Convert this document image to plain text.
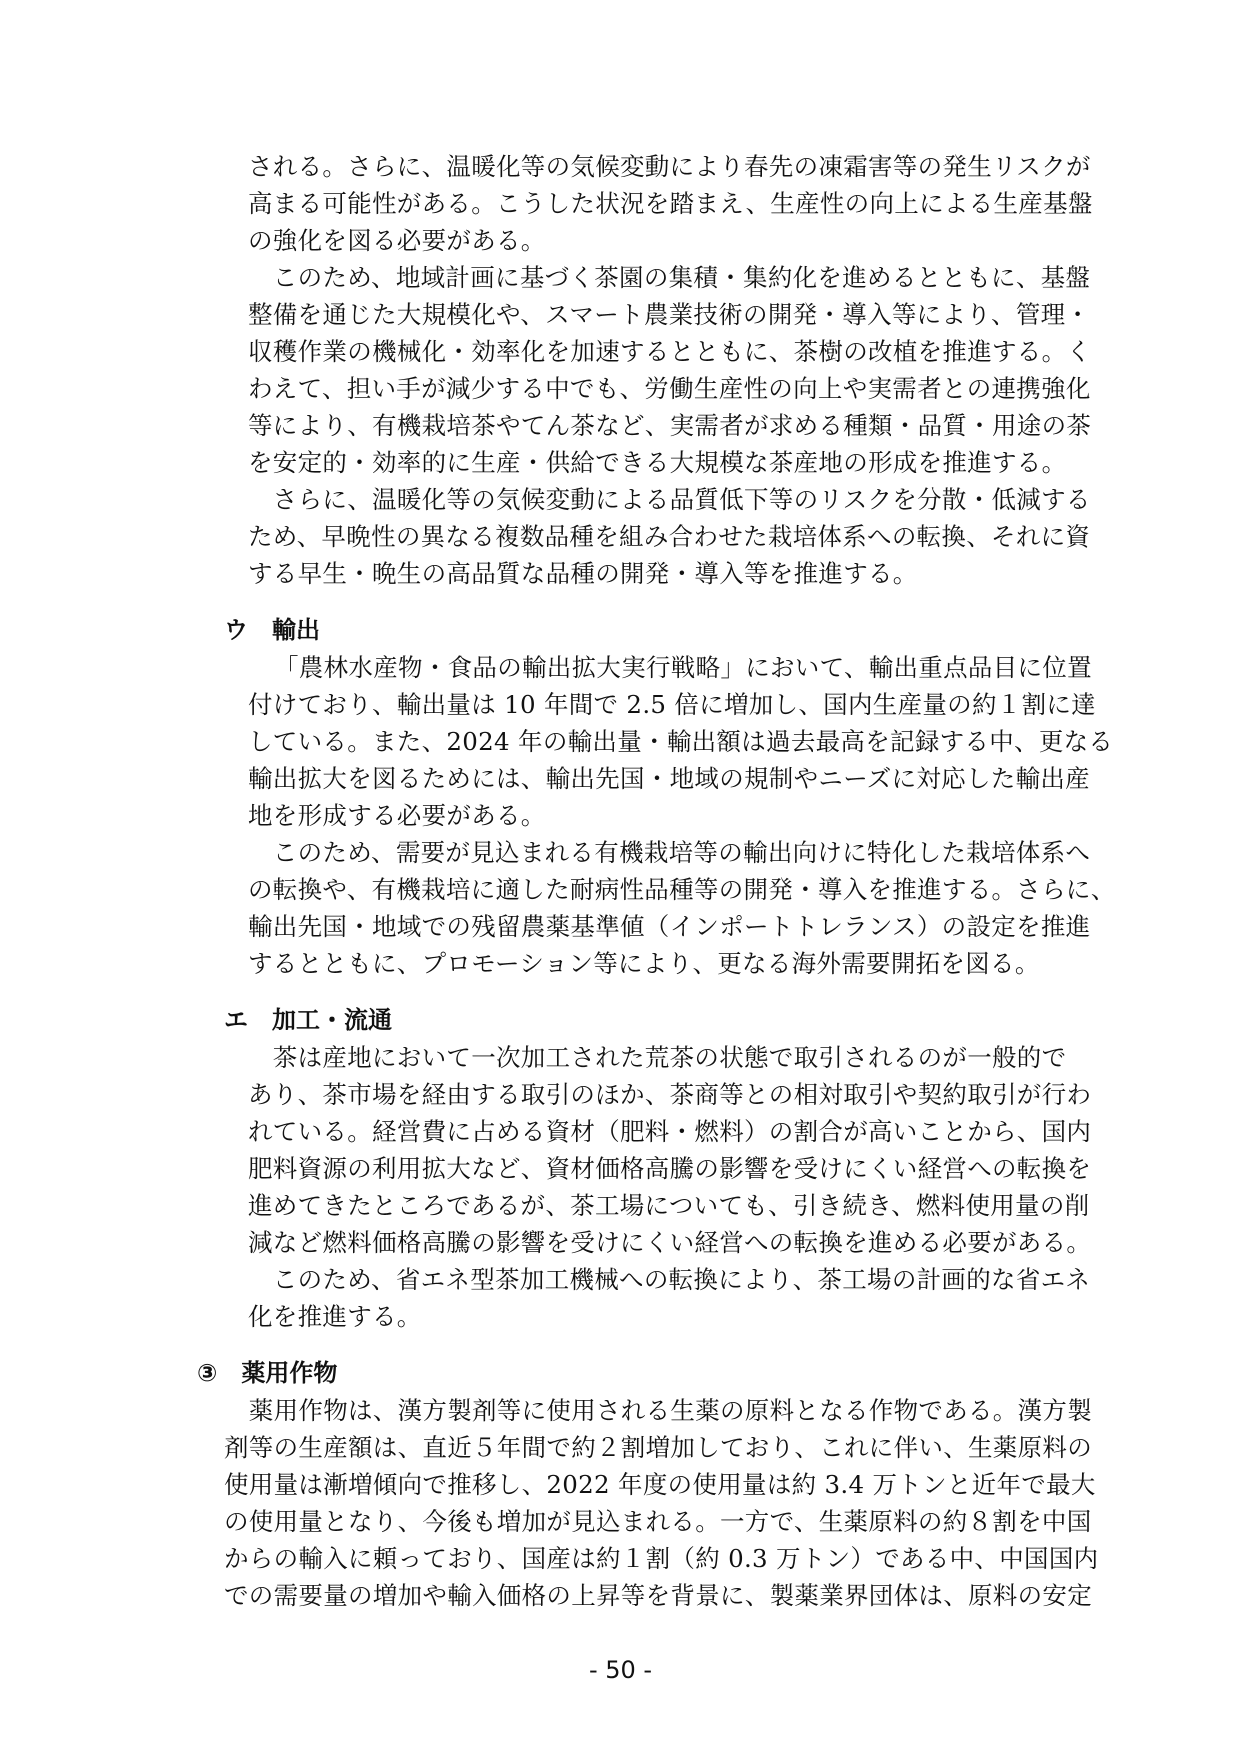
される。さらに、温暖化等の気候変動により春先の凍霜害等の発生リスクが
高まる可能性がある。こうした状況を踏まえ、生産性の向上による生産基盤
の強化を図る必要がある。
　このため、地域計画に基づく茶園の集積・集約化を進めるとともに、基盤
整備を通じた大規模化や、スマート農業技術の開発・導入等により、管理・
収穫作業の機械化・効率化を加速するとともに、茶樹の改植を推進する。く
わえて、担い手が減少する中でも、労働生産性の向上や実需者との連携強化
等により、有機栽培茶やてん茶など、実需者が求める種類・品質・用途の茶
を安定的・効率的に生産・供給できる大規模な茶産地の形成を推進する。
　さらに、温暖化等の気候変動による品質低下等のリスクを分散・低減する
ため、早晩性の異なる複数品種を組み合わせた栽培体系への転換、それに資
する早生・晩生の高品質な品種の開発・導入等を推進する。
ウ　輸出
「農林水産物・食品の輸出拡大実行戦略」において、輸出重点品目に位置
付けており、輸出量は 10 年間で 2.5 倍に増加し、国内生産量の約１割に達
している。また、2024 年の輸出量・輸出額は過去最高を記録する中、更なる
輸出拡大を図るためには、輸出先国・地域の規制やニーズに対応した輸出産
地を形成する必要がある。
　このため、需要が見込まれる有機栽培等の輸出向けに特化した栽培体系へ
の転換や、有機栽培に適した耐病性品種等の開発・導入を推進する。さらに、
輸出先国・地域での残留農薬基準値（インポートトレランス）の設定を推進
するとともに、プロモーション等により、更なる海外需要開拓を図る。
エ　加工・流通
　茶は産地において一次加工された荒茶の状態で取引されるのが一般的で
あり、茶市場を経由する取引のほか、茶商等との相対取引や契約取引が行わ
れている。経営費に占める資材（肥料・燃料）の割合が高いことから、国内
肥料資源の利用拡大など、資材価格高騰の影響を受けにくい経営への転換を
進めてきたところであるが、茶工場についても、引き続き、燃料使用量の削
減など燃料価格高騰の影響を受けにくい経営への転換を進める必要がある。
　このため、省エネ型茶加工機械への転換により、茶工場の計画的な省エネ
化を推進する。
③　薬用作物
　薬用作物は、漢方製剤等に使用される生薬の原料となる作物である。漢方製
剤等の生産額は、直近５年間で約２割増加しており、これに伴い、生薬原料の
使用量は漸増傾向で推移し、2022 年度の使用量は約 3.4 万トンと近年で最大
の使用量となり、今後も増加が見込まれる。一方で、生薬原料の約８割を中国
からの輸入に頼っており、国産は約１割（約 0.3 万トン）である中、中国国内
での需要量の増加や輸入価格の上昇等を背景に、製薬業界団体は、原料の安定
- 50 -
